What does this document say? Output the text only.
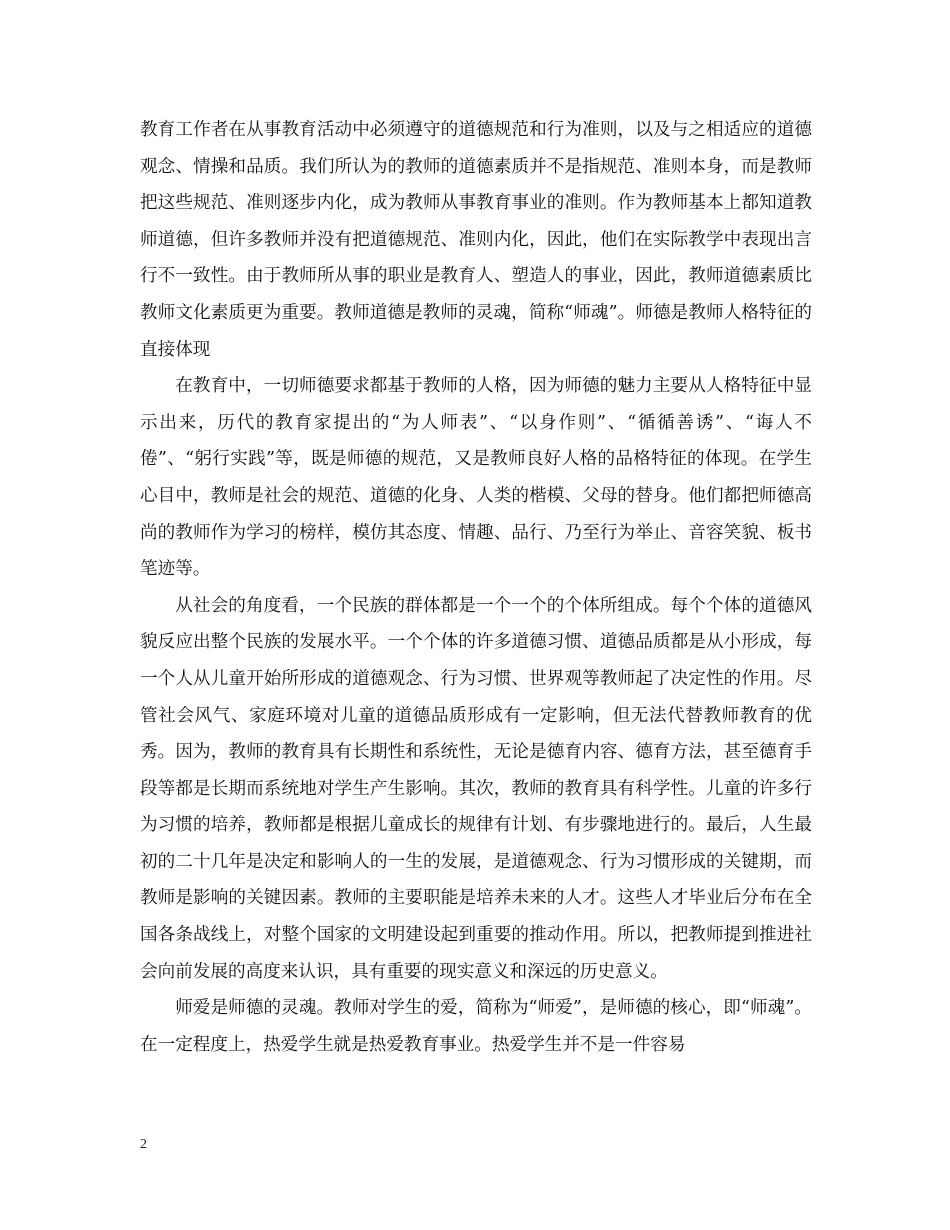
教育工作者在从事教育活动中必须遵守的道德规范和行为准则，以及与之相适应的道德观念、情操和品质。我们所认为的教师的道德素质并不是指规范、准则本身，而是教师把这些规范、准则逐步内化，成为教师从事教育事业的准则。作为教师基本上都知道教师道德，但许多教师并没有把道德规范、准则内化，因此，他们在实际教学中表现出言行不一致性。由于教师所从事的职业是教育人、塑造人的事业，因此，教师道德素质比教师文化素质更为重要。教师道德是教师的灵魂，简称“师魂”。师德是教师人格特征的直接体现

在教育中，一切师德要求都基于教师的人格，因为师德的魅力主要从人格特征中显示出来，历代的教育家提出的“为人师表”、“以身作则”、“循循善诱”、“诲人不倦”、“躬行实践”等，既是师德的规范，又是教师良好人格的品格特征的体现。在学生心目中，教师是社会的规范、道德的化身、人类的楷模、父母的替身。他们都把师德高尚的教师作为学习的榜样，模仿其态度、情趣、品行、乃至行为举止、音容笑貌、板书笔迹等。

从社会的角度看，一个民族的群体都是一个一个的个体所组成。每个个体的道德风貌反应出整个民族的发展水平。一个个体的许多道德习惯、道德品质都是从小形成，每一个人从儿童开始所形成的道德观念、行为习惯、世界观等教师起了决定性的作用。尽管社会风气、家庭环境对儿童的道德品质形成有一定影响，但无法代替教师教育的优秀。因为，教师的教育具有长期性和系统性，无论是德育内容、德育方法，甚至德育手段等都是长期而系统地对学生产生影响。其次，教师的教育具有科学性。儿童的许多行为习惯的培养，教师都是根据儿童成长的规律有计划、有步骤地进行的。最后，人生最初的二十几年是决定和影响人的一生的发展，是道德观念、行为习惯形成的关键期，而教师是影响的关键因素。教师的主要职能是培养未来的人才。这些人才毕业后分布在全国各条战线上，对整个国家的文明建设起到重要的推动作用。所以，把教师提到推进社会向前发展的高度来认识，具有重要的现实意义和深远的历史意义。

师爱是师德的灵魂。教师对学生的爱，简称为“师爱”，是师德的核心，即“师魂”。在一定程度上，热爱学生就是热爱教育事业。热爱学生并不是一件容易

2
